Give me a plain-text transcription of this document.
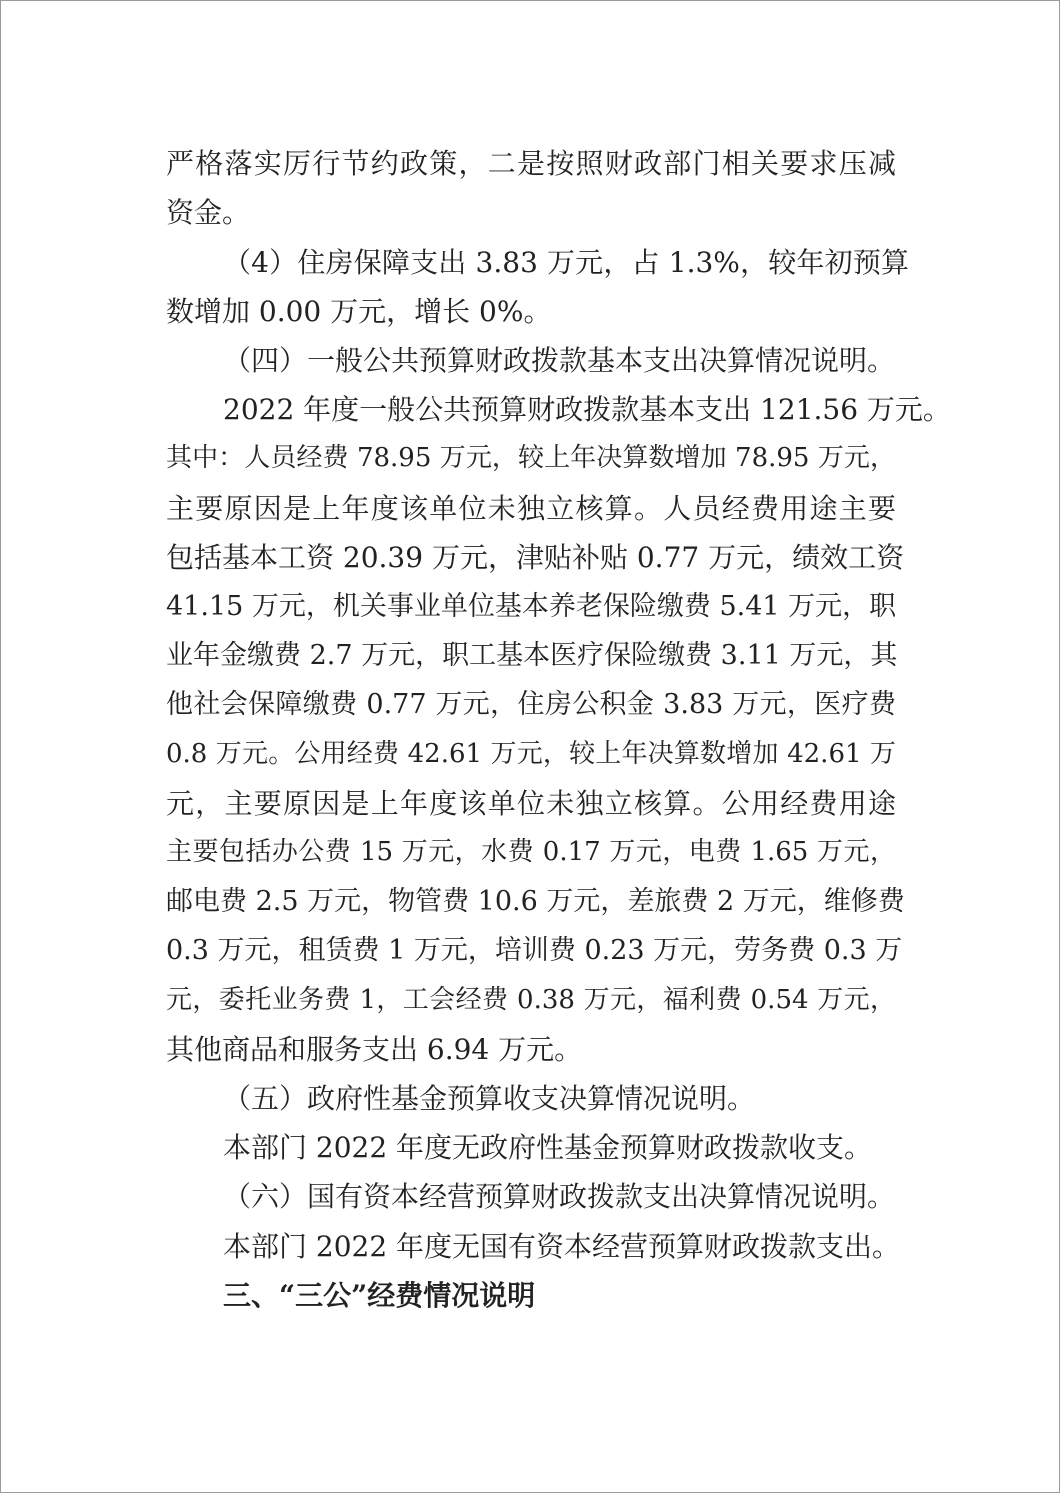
严格落实厉行节约政策，二是按照财政部门相关要求压减
资金。
（4）住房保障支出 3.83 万元，占 1.3%，较年初预算
数增加 0.00 万元，增长 0%。
（四）一般公共预算财政拨款基本支出决算情况说明。
2022 年度一般公共预算财政拨款基本支出 121.56 万元。
其中：人员经费 78.95 万元，较上年决算数增加 78.95 万元，
主要原因是上年度该单位未独立核算。人员经费用途主要
包括基本工资 20.39 万元，津贴补贴 0.77 万元，绩效工资
41.15 万元，机关事业单位基本养老保险缴费 5.41 万元，职
业年金缴费 2.7 万元，职工基本医疗保险缴费 3.11 万元，其
他社会保障缴费 0.77 万元，住房公积金 3.83 万元，医疗费
0.8 万元。公用经费 42.61 万元，较上年决算数增加 42.61 万
元，主要原因是上年度该单位未独立核算。公用经费用途
主要包括办公费 15 万元，水费 0.17 万元，电费 1.65 万元，
邮电费 2.5 万元，物管费 10.6 万元，差旅费 2 万元，维修费
0.3 万元，租赁费 1 万元，培训费 0.23 万元，劳务费 0.3 万
元，委托业务费 1，工会经费 0.38 万元，福利费 0.54 万元，
其他商品和服务支出 6.94 万元。
（五）政府性基金预算收支决算情况说明。
本部门 2022 年度无政府性基金预算财政拨款收支。
（六）国有资本经营预算财政拨款支出决算情况说明。
本部门 2022 年度无国有资本经营预算财政拨款支出。
三、“三公”经费情况说明
